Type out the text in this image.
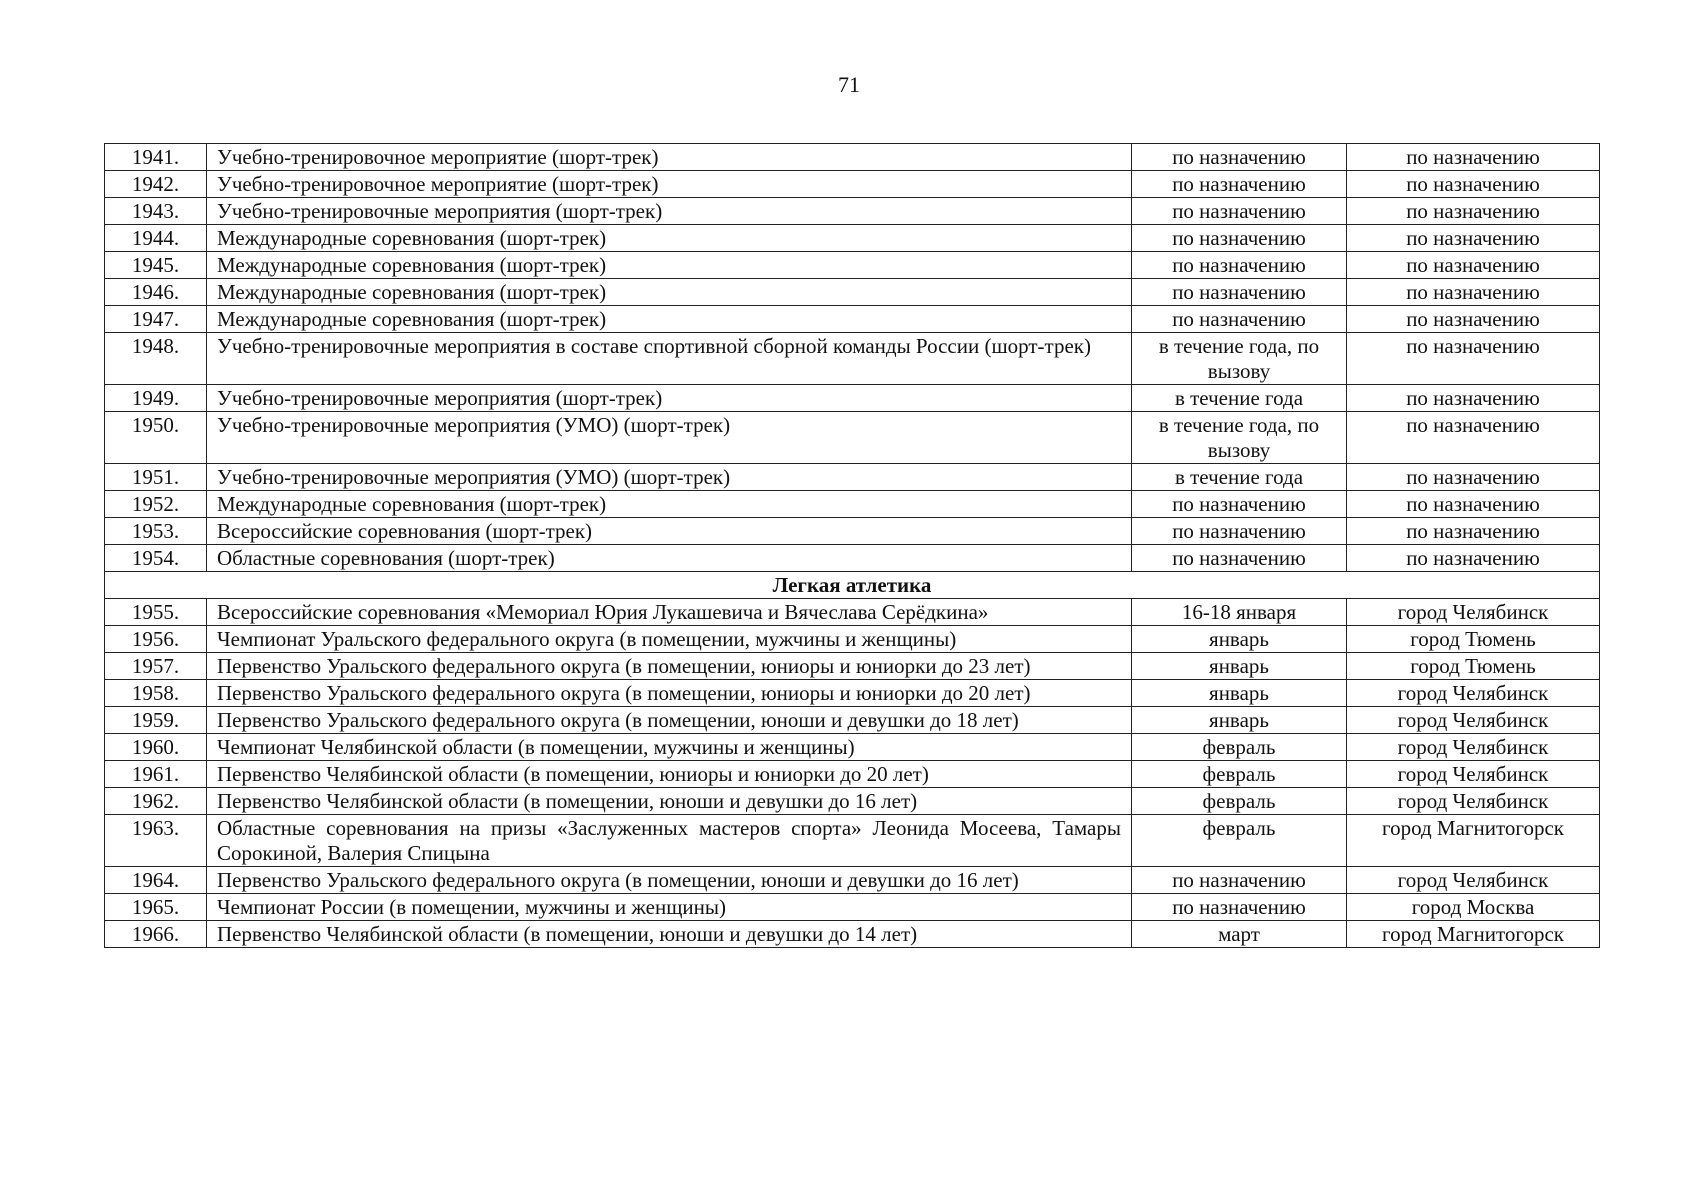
71
1941.	Учебно-тренировочное мероприятие (шорт-трек)	по назначению	по назначению
1942.	Учебно-тренировочное мероприятие (шорт-трек)	по назначению	по назначению
1943.	Учебно-тренировочные мероприятия (шорт-трек)	по назначению	по назначению
1944.	Международные соревнования (шорт-трек)	по назначению	по назначению
1945.	Международные соревнования (шорт-трек)	по назначению	по назначению
1946.	Международные соревнования (шорт-трек)	по назначению	по назначению
1947.	Международные соревнования (шорт-трек)	по назначению	по назначению
1948.	Учебно-тренировочные мероприятия в составе спортивной сборной команды России (шорт-трек)	в течение года, по вызову	по назначению
1949.	Учебно-тренировочные мероприятия (шорт-трек)	в течение года	по назначению
1950.	Учебно-тренировочные мероприятия (УМО) (шорт-трек)	в течение года, по вызову	по назначению
1951.	Учебно-тренировочные мероприятия (УМО) (шорт-трек)	в течение года	по назначению
1952.	Международные соревнования (шорт-трек)	по назначению	по назначению
1953.	Всероссийские соревнования (шорт-трек)	по назначению	по назначению
1954.	Областные соревнования (шорт-трек)	по назначению	по назначению
Легкая атлетика			
1955.	Всероссийские соревнования «Мемориал Юрия Лукашевича и Вячеслава Серёдкина»	16-18 января	город Челябинск
1956.	Чемпионат Уральского федерального округа (в помещении, мужчины и женщины)	январь	город Тюмень
1957.	Первенство Уральского федерального округа (в помещении, юниоры и юниорки до 23 лет)	январь	город Тюмень
1958.	Первенство Уральского федерального округа (в помещении, юниоры и юниорки до 20 лет)	январь	город Челябинск
1959.	Первенство Уральского федерального округа (в помещении, юноши и девушки до 18 лет)	январь	город Челябинск
1960.	Чемпионат Челябинской области (в помещении, мужчины и женщины)	февраль	город Челябинск
1961.	Первенство Челябинской области (в помещении, юниоры и юниорки до 20 лет)	февраль	город Челябинск
1962.	Первенство Челябинской области (в помещении, юноши и девушки до 16 лет)	февраль	город Челябинск
1963.	Областные соревнования на призы «Заслуженных мастеров спорта» Леонида Мосеева, Тамары Сорокиной, Валерия Спицына	февраль	город Магнитогорск
1964.	Первенство Уральского федерального округа (в помещении, юноши и девушки до 16 лет)	по назначению	город Челябинск
1965.	Чемпионат России (в помещении, мужчины и женщины)	по назначению	город Москва
1966.	Первенство Челябинской области (в помещении, юноши и девушки до 14 лет)	март	город Магнитогорск
